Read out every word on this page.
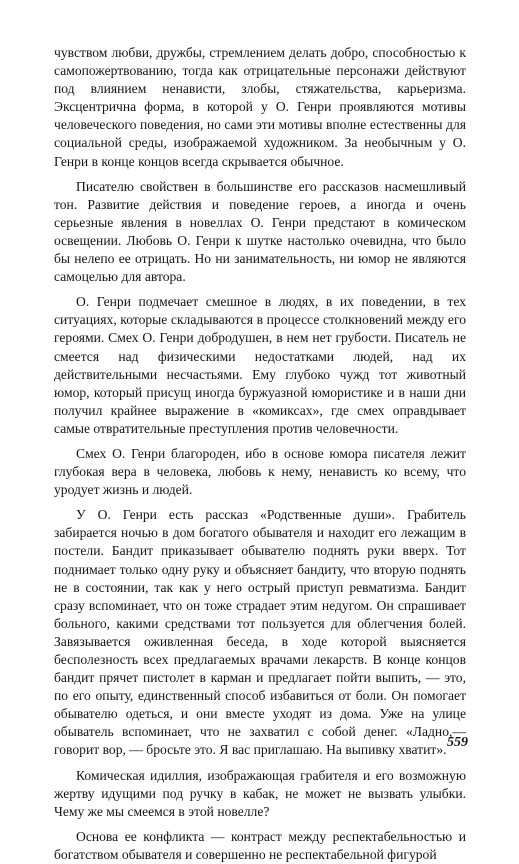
чувством любви, дружбы, стремлением делать добро, способностью к самопожертвованию, тогда как отрицательные персонажи действуют под влиянием ненависти, злобы, стяжательства, карьеризма. Эксцентрична форма, в которой у О. Генри проявляются мотивы человеческого поведения, но сами эти мотивы вполне естественны для социальной среды, изображаемой художником. За необычным у О. Генри в конце концов всегда скрывается обычное.

Писателю свойствен в большинстве его рассказов насмешливый тон. Развитие действия и поведение героев, а иногда и очень серьезные явления в новеллах О. Генри предстают в комическом освещении. Любовь О. Генри к шутке настолько очевидна, что было бы нелепо ее отрицать. Но ни занимательность, ни юмор не являются самоцелью для автора.

О. Генри подмечает смешное в людях, в их поведении, в тех ситуациях, которые складываются в процессе столкновений между его героями. Смех О. Генри добродушен, в нем нет грубости. Писатель не смеется над физическими недостатками людей, над их действительными несчастьями. Ему глубоко чужд тот животный юмор, который присущ иногда буржуазной юмористике и в наши дни получил крайнее выражение в «комиксах», где смех оправдывает самые отвратительные преступления против человечности.

Смех О. Генри благороден, ибо в основе юмора писателя лежит глубокая вера в человека, любовь к нему, ненависть ко всему, что уродует жизнь и людей.

У О. Генри есть рассказ «Родственные души». Грабитель забирается ночью в дом богатого обывателя и находит его лежащим в постели. Бандит приказывает обывателю поднять руки вверх. Тот поднимает только одну руку и объясняет бандиту, что вторую поднять не в состоянии, так как у него острый приступ ревматизма. Бандит сразу вспоминает, что он тоже страдает этим недугом. Он спрашивает больного, какими средствами тот пользуется для облегчения болей. Завязывается оживленная беседа, в ходе которой выясняется бесполезность всех предлагаемых врачами лекарств. В конце концов бандит прячет пистолет в карман и предлагает пойти выпить, — это, по его опыту, единственный способ избавиться от боли. Он помогает обывателю одеться, и они вместе уходят из дома. Уже на улице обыватель вспоминает, что не захватил с собой денег. «Ладно,— говорит вор, — бросьте это. Я вас приглашаю. На выпивку хватит».

Комическая идиллия, изображающая грабителя и его возможную жертву идущими под ручку в кабак, не может не вызвать улыбки. Чему же мы смеемся в этой новелле?

Основа ее конфликта — контраст между респектабельностью и богатством обывателя и совершенно не респектабельной фигурой

559
